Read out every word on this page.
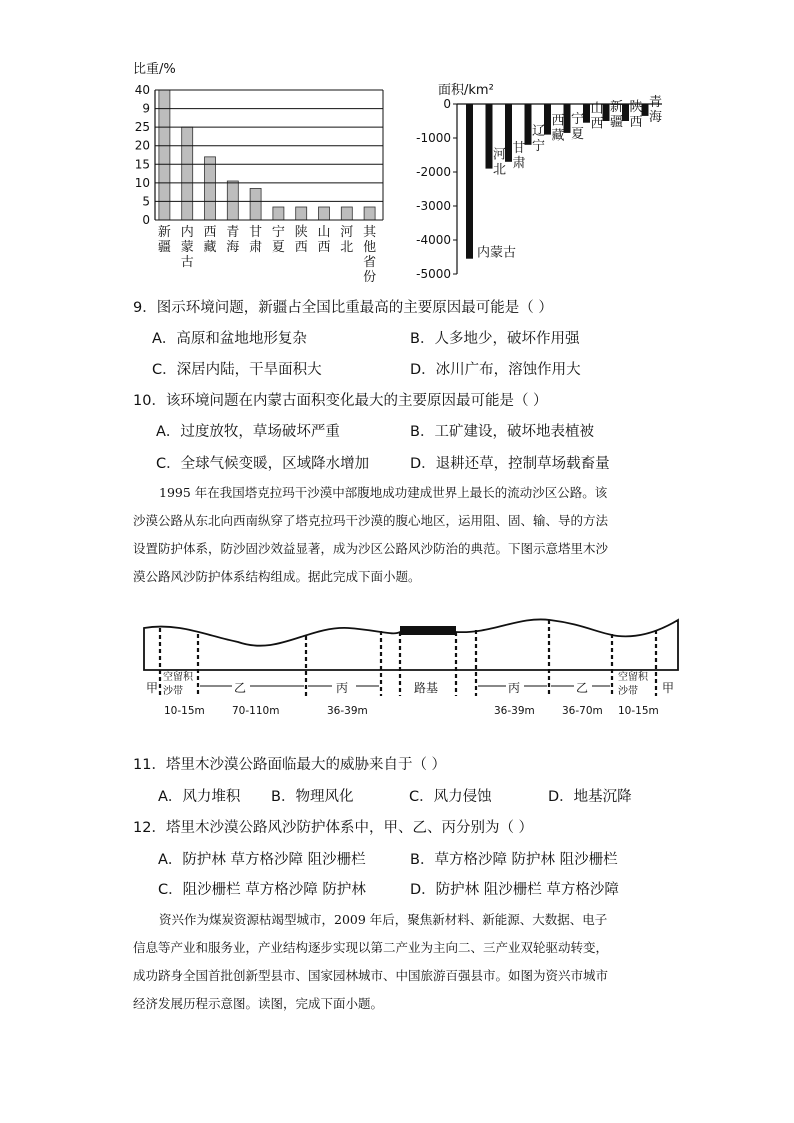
40
9
25
20
15
10
5
0
新
疆
内
蒙
古
西
藏
青
海
甘
肃
宁
夏
陕
西
山
西
河
北
其
他
省
份
比重/%
0
-1000
-2000
-3000
-4000
-5000
内蒙古
河
北
甘
肃
辽
宁
西
藏
宁
夏
山
西
新
疆
陕
西
青
海
面积/km²
9．图示环境问题，新疆占全国比重最高的主要原因最可能是（ ）
A．高原和盆地地形复杂	B．人多地少，破坏作用强
C．深居内陆，干旱面积大	D．冰川广布，溶蚀作用大
10．该环境问题在内蒙古面积变化最大的主要原因最可能是（ ）
A．过度放牧，草场破坏严重	B．工矿建设，破坏地表植被
C．全球气候变暖，区域降水增加	D．退耕还草，控制草场载畜量
1995 年在我国塔克拉玛干沙漠中部腹地成功建成世界上最长的流动沙区公路。该
沙漠公路从东北向西南纵穿了塔克拉玛干沙漠的腹心地区，运用阻、固、输、导的方法
设置防护体系，防沙固沙效益显著，成为沙区公路风沙防治的典范。下图示意塔里木沙
漠公路风沙防护体系结构组成。据此完成下面小题。
甲
空留积
沙带	乙	丙	路基	丙	乙
空留积
沙带 甲
10-15m	70-110m	36-39m	36-39m	36-70m 10-15m
11．塔里木沙漠公路面临最大的威胁来自于（ ）
A．风力堆积 B．物理风化	C．风力侵蚀	D．地基沉降
12．塔里木沙漠公路风沙防护体系中，甲、乙、丙分别为（ ）
A．防护林 草方格沙障 阻沙栅栏	B．草方格沙障 防护林 阻沙栅栏
C．阻沙栅栏 草方格沙障 防护林	D．防护林 阻沙栅栏 草方格沙障
资兴作为煤炭资源枯竭型城市，2009 年后，聚焦新材料、新能源、大数据、电子
信息等产业和服务业，产业结构逐步实现以第二产业为主向二、三产业双轮驱动转变，
成功跻身全国首批创新型县市、国家园林城市、中国旅游百强县市。如图为资兴市城市
经济发展历程示意图。读图，完成下面小题。
